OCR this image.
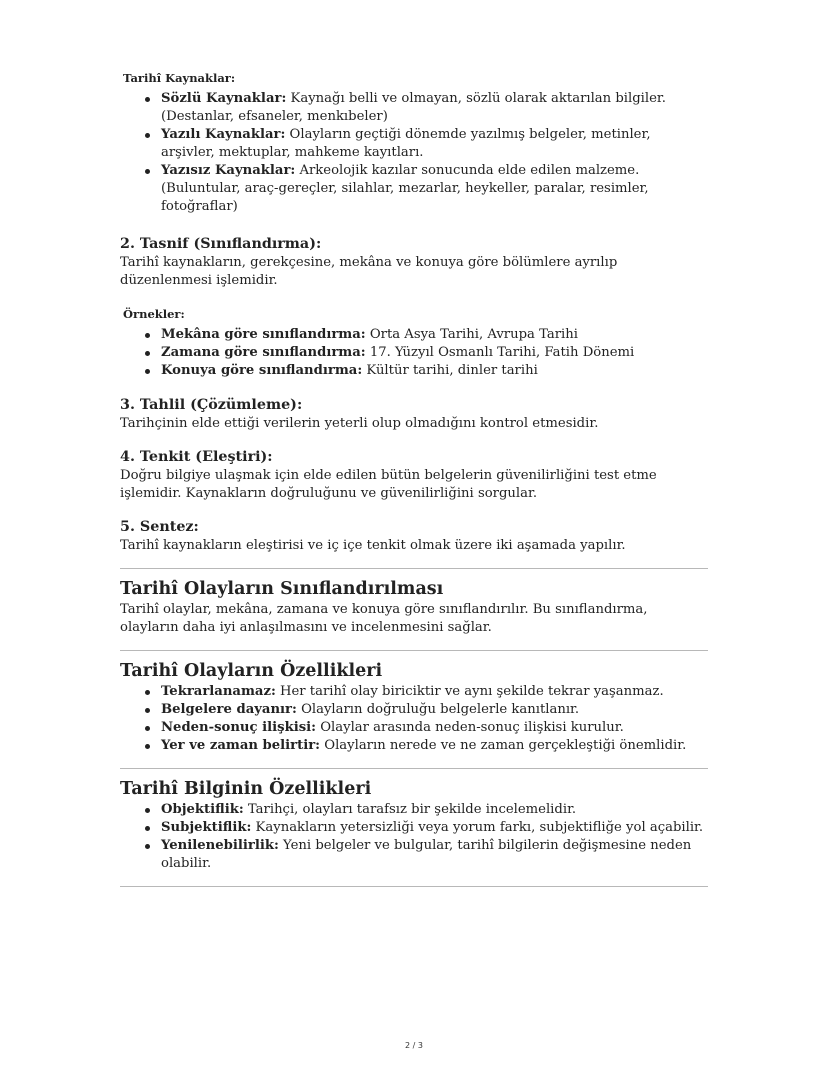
Tarihî Kaynaklar:

Sözlü Kaynaklar: Kaynağı belli ve olmayan, sözlü olarak aktarılan bilgiler. (Destanlar, efsaneler, menkıbeler)
Yazılı Kaynaklar: Olayların geçtiği dönemde yazılmış belgeler, metinler, arşivler, mektuplar, mahkeme kayıtları.
Yazısız Kaynaklar: Arkeolojik kazılar sonucunda elde edilen malzeme. (Buluntular, araç-gereçler, silahlar, mezarlar, heykeller, paralar, resimler, fotoğraflar)

2. Tasnif (Sınıflandırma):

Tarihî kaynakların, gerekçesine, mekâna ve konuya göre bölümlere ayrılıp düzenlenmesi işlemidir.

Örnekler:

Mekâna göre sınıflandırma: Orta Asya Tarihi, Avrupa Tarihi
Zamana göre sınıflandırma: 17. Yüzyıl Osmanlı Tarihi, Fatih Dönemi
Konuya göre sınıflandırma: Kültür tarihi, dinler tarihi

3. Tahlil (Çözümleme):

Tarihçinin elde ettiği verilerin yeterli olup olmadığını kontrol etmesidir.

4. Tenkit (Eleştiri):

Doğru bilgiye ulaşmak için elde edilen bütün belgelerin güvenilirliğini test etme işlemidir. Kaynakların doğruluğunu ve güvenilirliğini sorgular.

5. Sentez:

Tarihî kaynakların eleştirisi ve iç içe tenkit olmak üzere iki aşamada yapılır.

Tarihî Olayların Sınıflandırılması

Tarihî olaylar, mekâna, zamana ve konuya göre sınıflandırılır. Bu sınıflandırma, olayların daha iyi anlaşılmasını ve incelenmesini sağlar.

Tarihî Olayların Özellikleri

Tekrarlanamaz: Her tarihî olay biriciktir ve aynı şekilde tekrar yaşanmaz.
Belgelere dayanır: Olayların doğruluğu belgelerle kanıtlanır.
Neden-sonuç ilişkisi: Olaylar arasında neden-sonuç ilişkisi kurulur.
Yer ve zaman belirtir: Olayların nerede ve ne zaman gerçekleştiği önemlidir.

Tarihî Bilginin Özellikleri

Objektiflik: Tarihçi, olayları tarafsız bir şekilde incelemelidir.
Subjektiflik: Kaynakların yetersizliği veya yorum farkı, subjektifliğe yol açabilir.
Yenilenebilirlik: Yeni belgeler ve bulgular, tarihî bilgilerin değişmesine neden olabilir.
2 / 3
